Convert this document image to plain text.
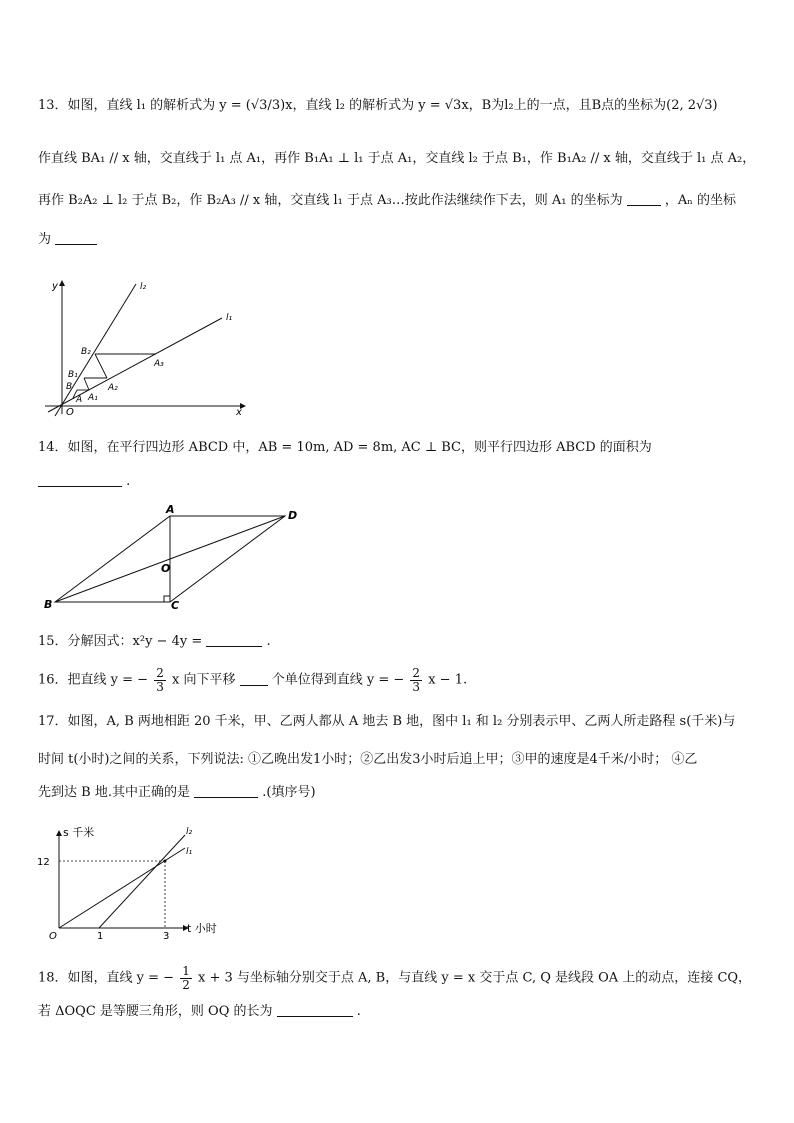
13．如图，直线 l₁ 的解析式为 y = (√3/3)x，直线 l₂ 的解析式为 y = √3x，B为l₂上的一点，且B点的坐标为(2, 2√3)
作直线 BA₁ // x 轴，交直线于 l₁ 点 A₁，再作 B₁A₁ ⊥ l₁ 于点 A₁，交直线 l₂ 于点 B₁，作 B₁A₂ // x 轴，交直线于 l₁ 点 A₂，
再作 B₂A₂ ⊥ l₂ 于点 B₂，作 B₂A₃ // x 轴，交直线 l₁ 于点 A₃…按此作法继续作下去，则 A₁ 的坐标为	，Aₙ 的坐标
为
y
x
l₂
l₁
O
A A₁
A₂
A₃
B
B₁
B₂
14．如图，在平行四边形 ABCD 中，AB = 10m, AD = 8m, AC ⊥ BC，则平行四边形 ABCD 的面积为
.
A
B	C
D
O
15．分解因式：x²y − 4y =	.
16．把直线 y = − $\frac{2}{3}$ x 向下平移	个单位得到直线 y = − $\frac{2}{3}$ x − 1.
17．如图，A, B 两地相距 20 千米，甲、乙两人都从 A 地去 B 地，图中 l₁ 和 l₂ 分别表示甲、乙两人所走路程 s(千米)与
时间 t(小时)之间的关系，下列说法: ①乙晚出发1小时；②乙出发3小时后追上甲；③甲的速度是4千米/小时； ④乙
先到达 B 地.其中正确的是	.(填序号)
s 千米
t 小时
12
1	3
O
l₂
l₁
18．如图，直线 y = − $\frac{1}{2}$ x + 3 与坐标轴分别交于点 A, B，与直线 y = x 交于点 C, Q 是线段 OA 上的动点，连接 CQ，
若 ΔOQC 是等腰三角形，则 OQ 的长为	.
